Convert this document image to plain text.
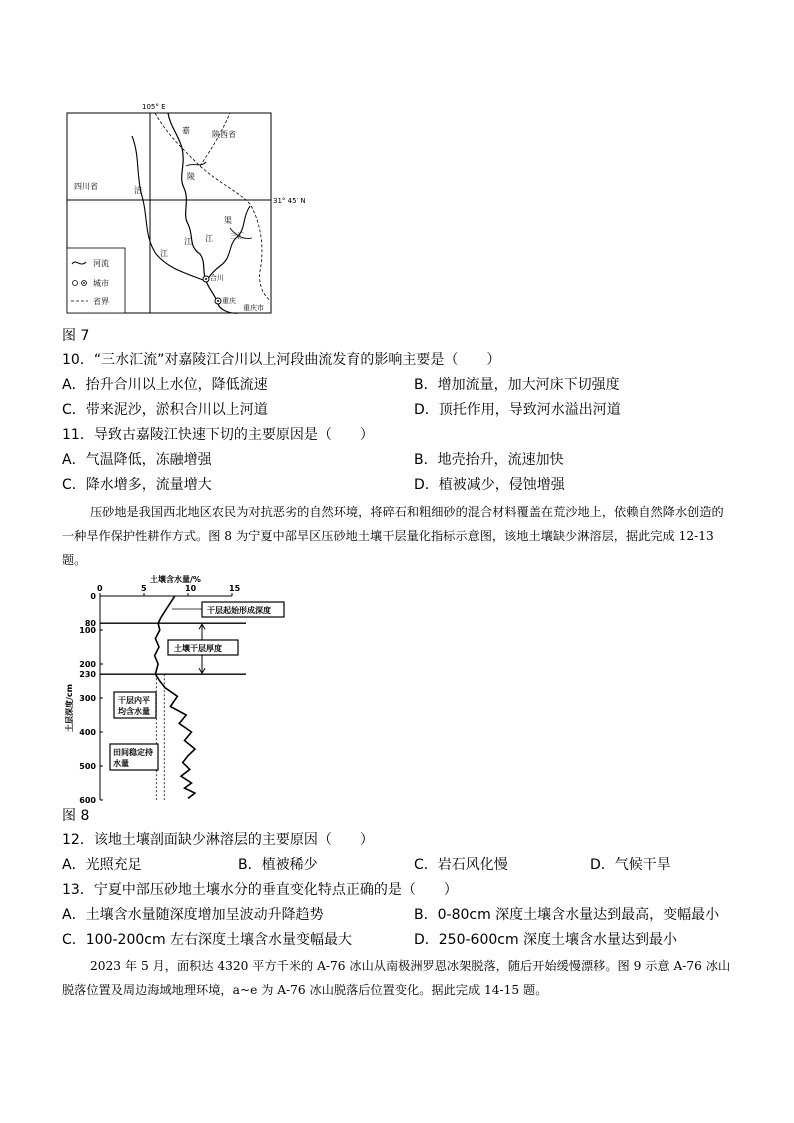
105° E
31° 45′ N
陕西省
四川省
嘉
陵
江 江
涪
江
渠
三汇
合川
重庆
重庆市
河流
城市
省界
图 7
10．“三水汇流”对嘉陵江合川以上河段曲流发育的影响主要是（　　）
A．抬升合川以上水位，降低流速	B．增加流量，加大河床下切强度
C．带来泥沙，淤积合川以上河道	D．顶托作用，导致河水溢出河道
11．导致古嘉陵江快速下切的主要原因是（　　）
A．气温降低，冻融增强	B．地壳抬升，流速加快
C．降水增多，流量增大	D．植被减少，侵蚀增强
压砂地是我国西北地区农民为对抗恶劣的自然环境，将碎石和粗细砂的混合材料覆盖在荒沙地上，依赖自然降水创造的一种旱作保护性耕作方式。图 8 为宁夏中部旱区压砂地土壤干层量化指标示意图，该地土壤缺少淋溶层，据此完成 12-13 题。
土壤含水量/%
土层深度/cm
0	5	10	15
0
80
100
200
230
300
400
500
600
干层起始形成深度
土壤干层厚度
干层内平
均含水量
田间稳定持
水量
图 8
12．该地土壤剖面缺少淋溶层的主要原因（　　）
A．光照充足	B．植被稀少	C．岩石风化慢	D．气候干旱
13．宁夏中部压砂地土壤水分的垂直变化特点正确的是（　　）
A．土壤含水量随深度增加呈波动升降趋势	B．0-80cm 深度土壤含水量达到最高，变幅最小
C．100-200cm 左右深度土壤含水量变幅最大	D．250-600cm 深度土壤含水量达到最小
2023 年 5 月，面积达 4320 平方千米的 A-76 冰山从南极洲罗恩冰架脱落，随后开始缓慢漂移。图 9 示意 A-76 冰山脱落位置及周边海域地理环境，a~e 为 A-76 冰山脱落后位置变化。据此完成 14-15 题。
